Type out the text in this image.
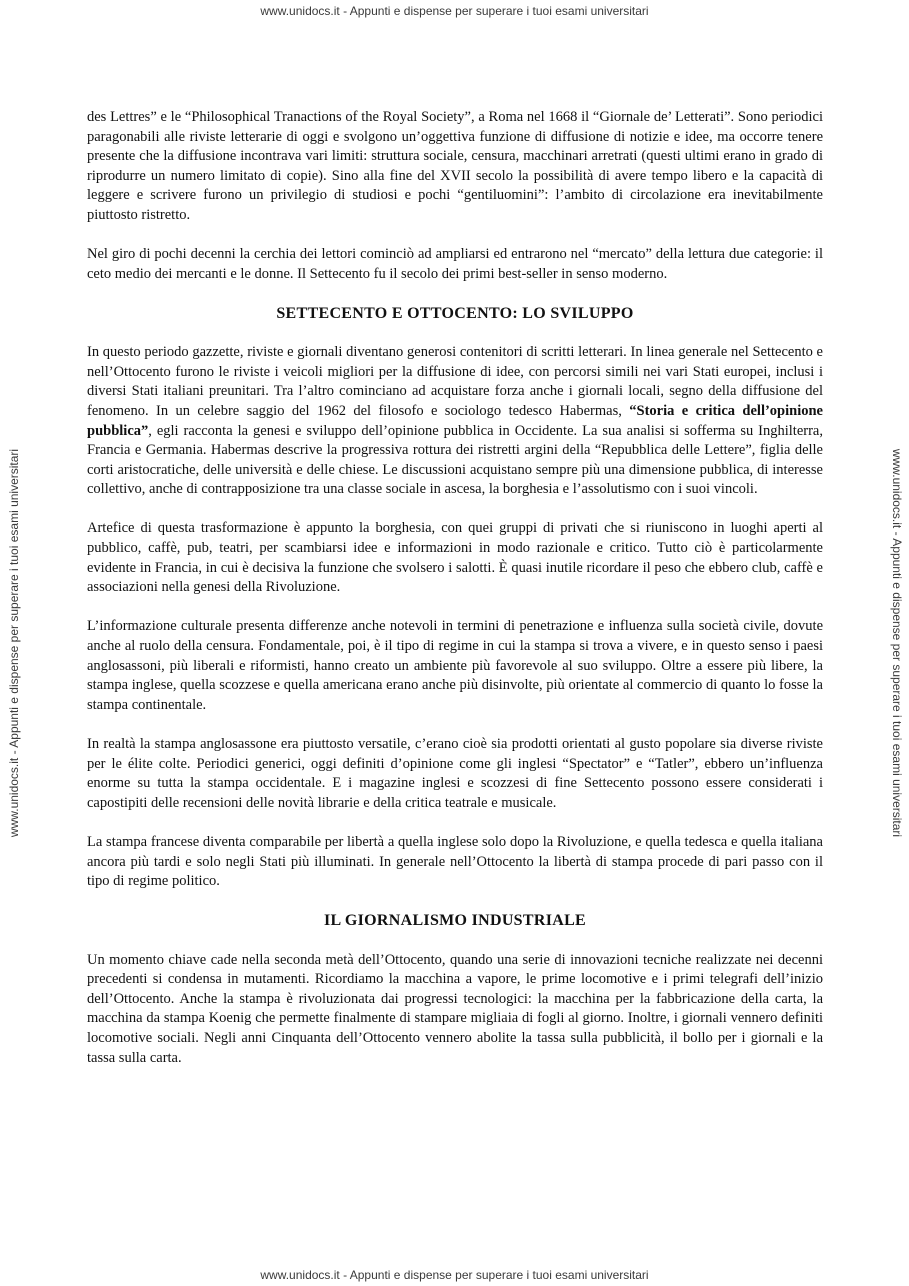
www.unidocs.it - Appunti e dispense per superare i tuoi esami universitari
www.unidocs.it - Appunti e dispense per superare i tuoi esami universitari	www.unidocs.it - Appunti e dispense per superare i tuoi esami universitari

des Lettres” e le “Philosophical Tranactions of the Royal Society”, a Roma nel 1668 il “Giornale de’ Letterati”. Sono periodici paragonabili alle riviste letterarie di oggi e svolgono un’oggettiva funzione di diffusione di notizie e idee, ma occorre tenere presente che la diffusione incontrava vari limiti: struttura sociale, censura, macchinari arretrati (questi ultimi erano in grado di riprodurre un numero limitato di copie). Sino alla fine del XVII secolo la possibilità di avere tempo libero e la capacità di leggere e scrivere furono un privilegio di studiosi e pochi “gentiluomini”: l’ambito di circolazione era inevitabilmente piuttosto ristretto.

Nel giro di pochi decenni la cerchia dei lettori cominciò ad ampliarsi ed entrarono nel “mercato” della lettura due categorie: il ceto medio dei mercanti e le donne. Il Settecento fu il secolo dei primi best-seller in senso moderno.

SETTECENTO E OTTOCENTO: LO SVILUPPO

In questo periodo gazzette, riviste e giornali diventano generosi contenitori di scritti letterari. In linea generale nel Settecento e nell’Ottocento furono le riviste i veicoli migliori per la diffusione di idee, con percorsi simili nei vari Stati europei, inclusi i diversi Stati italiani preunitari. Tra l’altro cominciano ad acquistare forza anche i giornali locali, segno della diffusione del fenomeno. In un celebre saggio del 1962 del filosofo e sociologo tedesco Habermas, “Storia e critica dell’opinione pubblica”, egli racconta la genesi e sviluppo dell’opinione pubblica in Occidente. La sua analisi si sofferma su Inghilterra, Francia e Germania. Habermas descrive la progressiva rottura dei ristretti argini della “Repubblica delle Lettere”, figlia delle corti aristocratiche, delle università e delle chiese. Le discussioni acquistano sempre più una dimensione pubblica, di interesse collettivo, anche di contrapposizione tra una classe sociale in ascesa, la borghesia e l’assolutismo con i suoi vincoli.

Artefice di questa trasformazione è appunto la borghesia, con quei gruppi di privati che si riuniscono in luoghi aperti al pubblico, caffè, pub, teatri, per scambiarsi idee e informazioni in modo razionale e critico. Tutto ciò è particolarmente evidente in Francia, in cui è decisiva la funzione che svolsero i salotti. È quasi inutile ricordare il peso che ebbero club, caffè e associazioni nella genesi della Rivoluzione.

L’informazione culturale presenta differenze anche notevoli in termini di penetrazione e influenza sulla società civile, dovute anche al ruolo della censura. Fondamentale, poi, è il tipo di regime in cui la stampa si trova a vivere, e in questo senso i paesi anglosassoni, più liberali e riformisti, hanno creato un ambiente più favorevole al suo sviluppo. Oltre a essere più libere, la stampa inglese, quella scozzese e quella americana erano anche più disinvolte, più orientate al commercio di quanto lo fosse la stampa continentale.

In realtà la stampa anglosassone era piuttosto versatile, c’erano cioè sia prodotti orientati al gusto popolare sia diverse riviste per le élite colte. Periodici generici, oggi definiti d’opinione come gli inglesi “Spectator” e “Tatler”, ebbero un’influenza enorme su tutta la stampa occidentale. E i magazine inglesi e scozzesi di fine Settecento possono essere considerati i capostipiti delle recensioni delle novità librarie e della critica teatrale e musicale.

La stampa francese diventa comparabile per libertà a quella inglese solo dopo la Rivoluzione, e quella tedesca e quella italiana ancora più tardi e solo negli Stati più illuminati. In generale nell’Ottocento la libertà di stampa procede di pari passo con il tipo di regime politico.

IL GIORNALISMO INDUSTRIALE

Un momento chiave cade nella seconda metà dell’Ottocento, quando una serie di innovazioni tecniche realizzate nei decenni precedenti si condensa in mutamenti. Ricordiamo la macchina a vapore, le prime locomotive e i primi telegrafi dell’inizio dell’Ottocento. Anche la stampa è rivoluzionata dai progressi tecnologici: la macchina per la fabbricazione della carta, la macchina da stampa Koenig che permette finalmente di stampare migliaia di fogli al giorno. Inoltre, i giornali vennero definiti locomotive sociali. Negli anni Cinquanta dell’Ottocento vennero abolite la tassa sulla pubblicità, il bollo per i giornali e la tassa sulla carta.

www.unidocs.it - Appunti e dispense per superare i tuoi esami universitari
